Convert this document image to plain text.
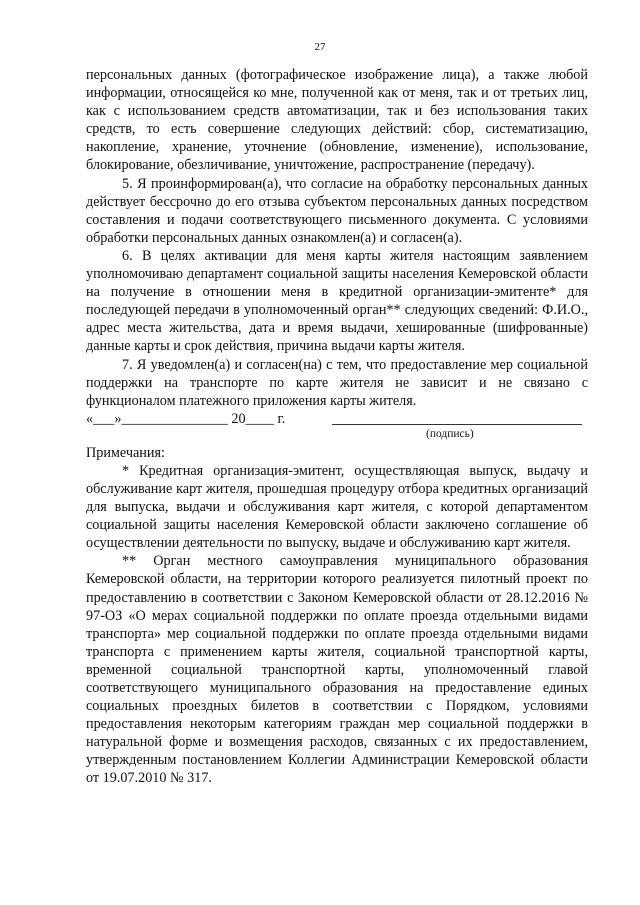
27

персональных данных (фотографическое изображение лица), а также любой информации, относящейся ко мне, полученной как от меня, так и от третьих лиц, как с использованием средств автоматизации, так и без использования таких средств, то есть совершение следующих действий: сбор, систематизацию, накопление, хранение, уточнение (обновление, изменение), использование, блокирование, обезличивание, уничтожение, распространение (передачу).

5. Я проинформирован(а), что согласие на обработку персональных данных действует бессрочно до его отзыва субъектом персональных данных посредством составления и подачи соответствующего письменного документа. С условиями обработки персональных данных ознакомлен(а) и согласен(а).

6. В целях активации для меня карты жителя настоящим заявлением уполномочиваю департамент социальной защиты населения Кемеровской области на получение в отношении меня в кредитной организации-эмитенте* для последующей передачи в уполномоченный орган** следующих сведений: Ф.И.О., адрес места жительства, дата и время выдачи, хешированные (шифрованные) данные карты и срок действия, причина выдачи карты жителя.

7. Я уведомлен(а) и согласен(на) с тем, что предоставление мер социальной поддержки на транспорте по карте жителя не зависит и не связано с функционалом платежного приложения карты жителя.

«___»_______________ 20____ г.
(подпись)

Примечания:

* Кредитная организация-эмитент, осуществляющая выпуск, выдачу и обслуживание карт жителя, прошедшая процедуру отбора кредитных организаций для выпуска, выдачи и обслуживания карт жителя, с которой департаментом социальной защиты населения Кемеровской области заключено соглашение об осуществлении деятельности по выпуску, выдаче и обслуживанию карт жителя.

** Орган местного самоуправления муниципального образования Кемеровской области, на территории которого реализуется пилотный проект по предоставлению в соответствии с Законом Кемеровской области от 28.12.2016 № 97-ОЗ «О мерах социальной поддержки по оплате проезда отдельными видами транспорта» мер социальной поддержки по оплате проезда отдельными видами транспорта с применением карты жителя, социальной транспортной карты, временной социальной транспортной карты, уполномоченный главой соответствующего муниципального образования на предоставление единых социальных проездных билетов в соответствии с Порядком, условиями предоставления некоторым категориям граждан мер социальной поддержки в натуральной форме и возмещения расходов, связанных с их предоставлением, утвержденным постановлением Коллегии Администрации Кемеровской области от 19.07.2010 № 317.
